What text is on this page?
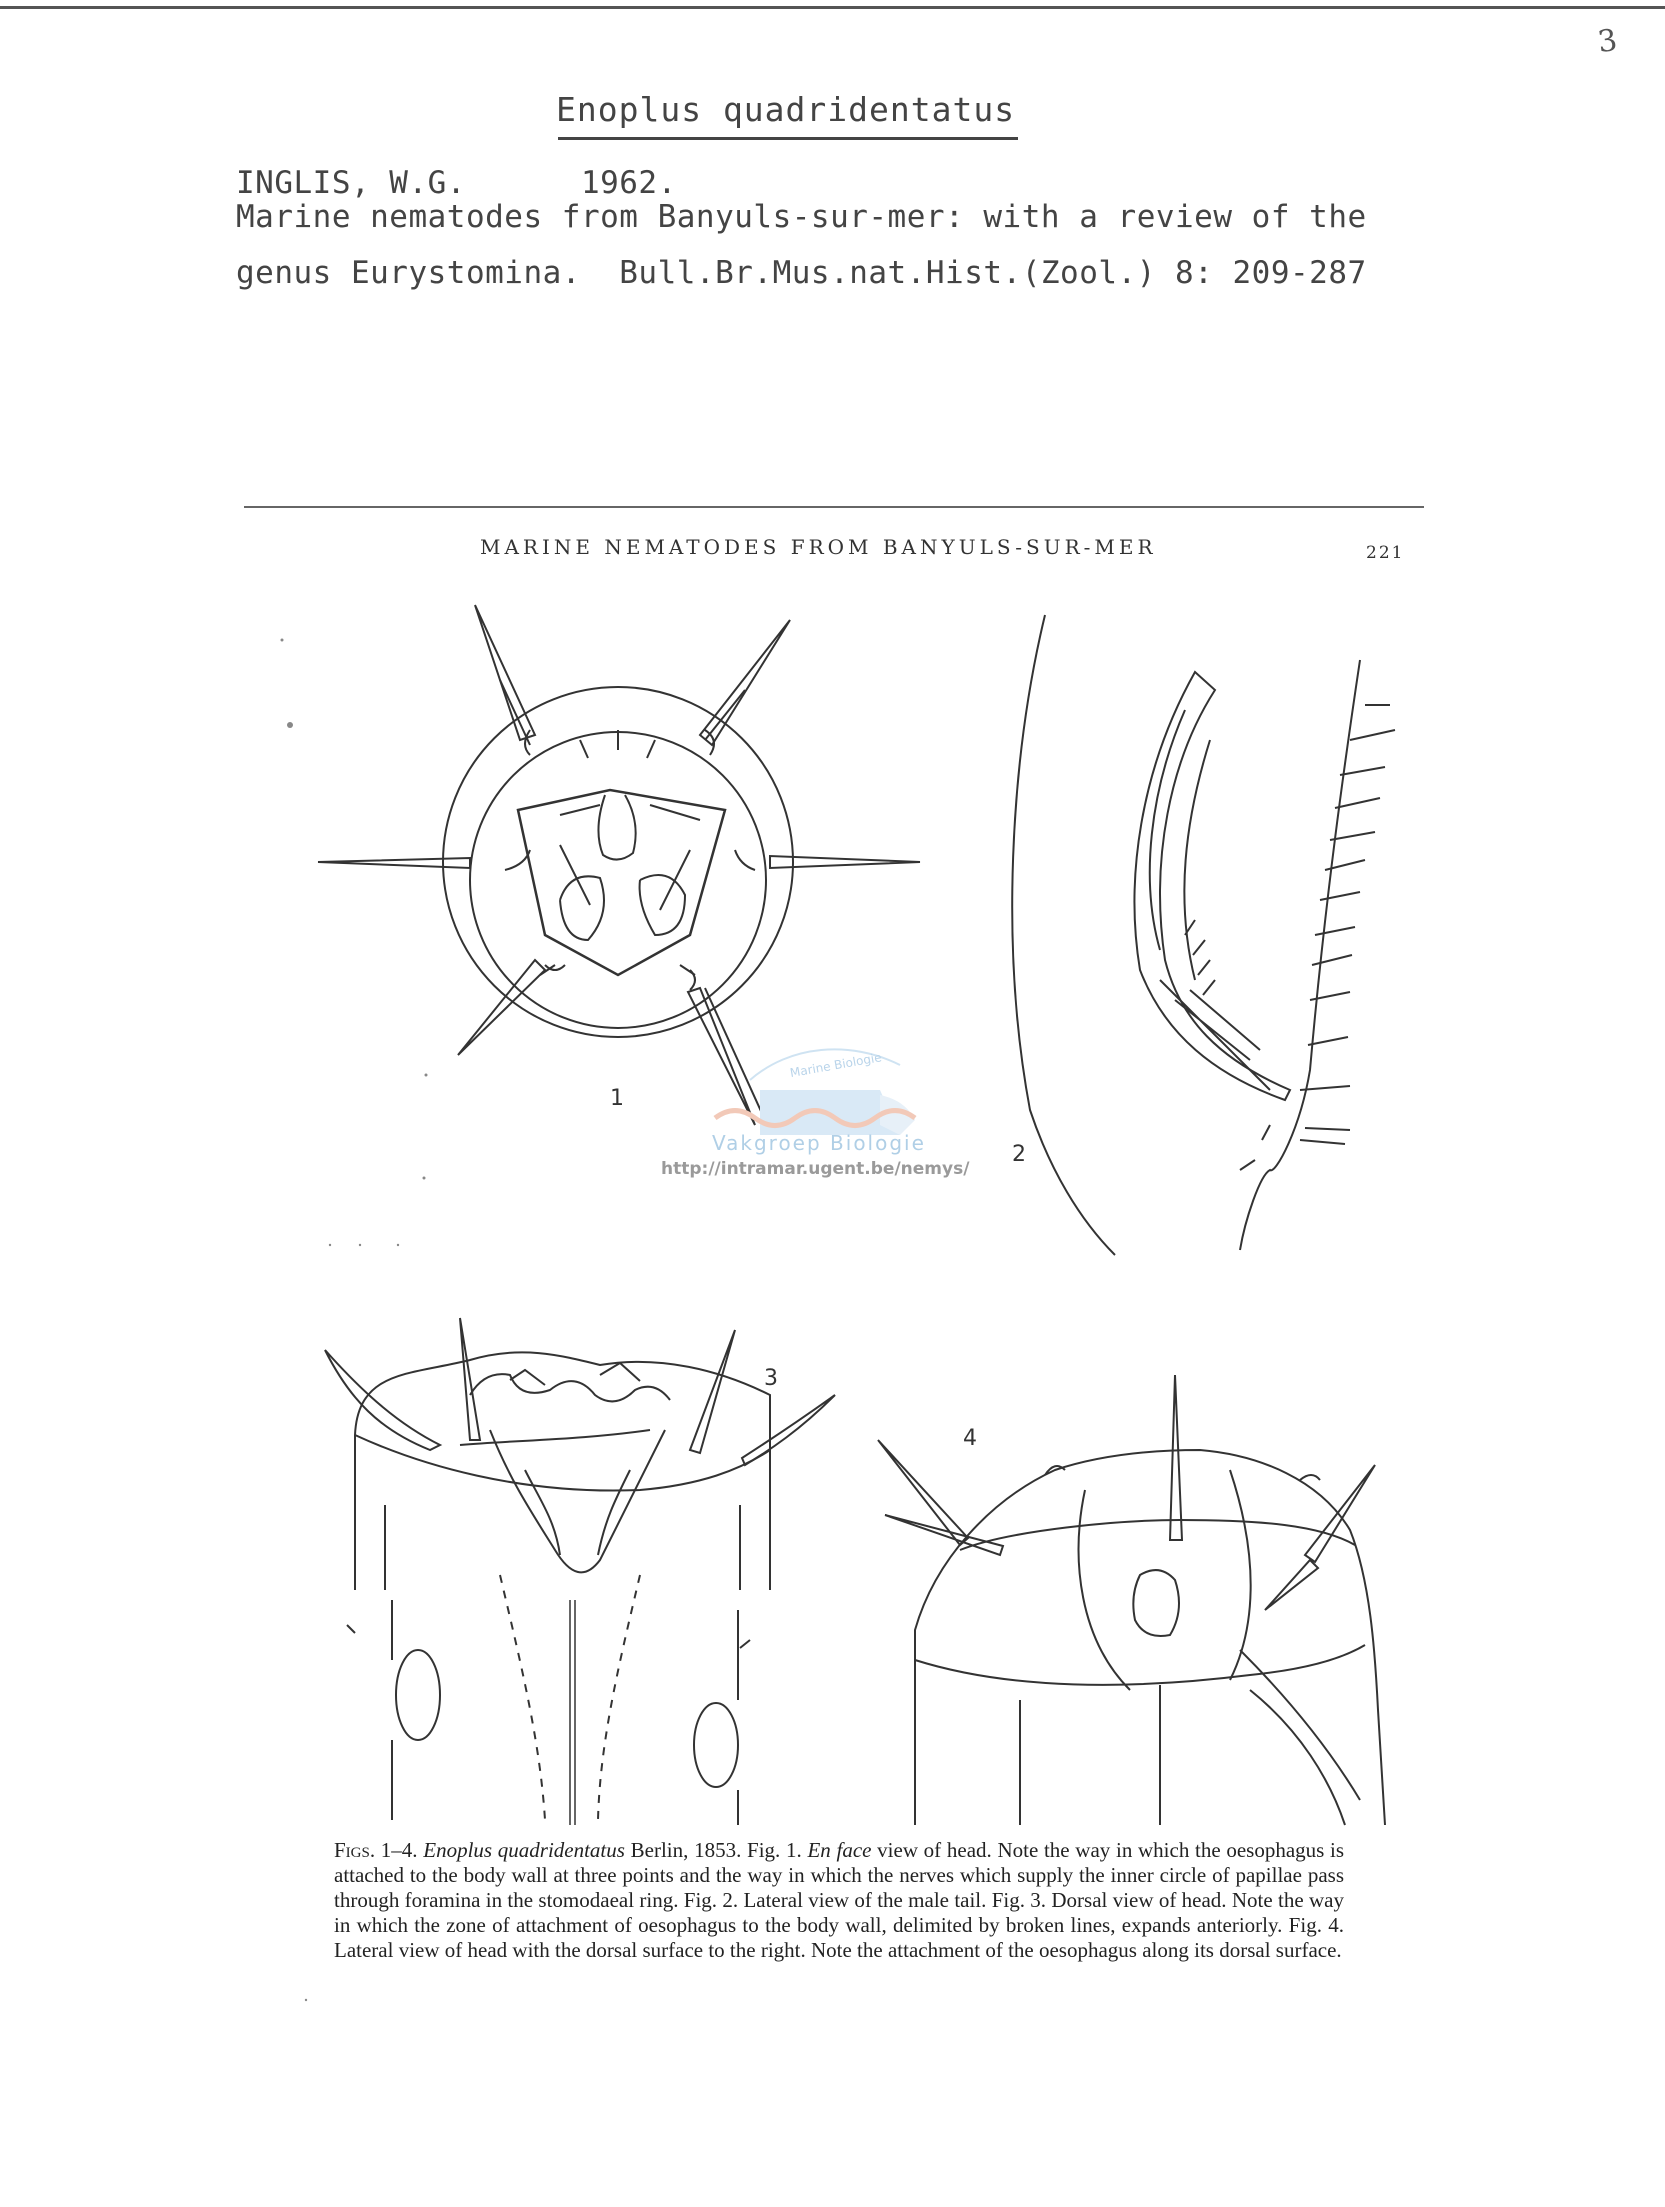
3
Enoplus quadridentatus
INGLIS, W.G.      1962.
Marine nematodes from Banyuls-sur-mer: with a review of the
genus Eurystomina.  Bull.Br.Mus.nat.Hist.(Zool.) 8: 209-287
MARINE NEMATODES FROM BANYULS-SUR-MER	221
1
2
3
4
Marine Biologie
Vakgroep Biologie
http://intramar.ugent.be/nemys/
Figs. 1–4. Enoplus quadridentatus Berlin, 1853. Fig. 1. En face view of head. Note the way in which the oesophagus is attached to the body wall at three points and the way in which the nerves which supply the inner circle of papillae pass through foramina in the stomodaeal ring. Fig. 2. Lateral view of the male tail. Fig. 3. Dorsal view of head. Note the way in which the zone of attachment of oesophagus to the body wall, delimited by broken lines, expands anteriorly. Fig. 4. Lateral view of head with the dorsal surface to the right. Note the attachment of the oesophagus along its dorsal surface.
